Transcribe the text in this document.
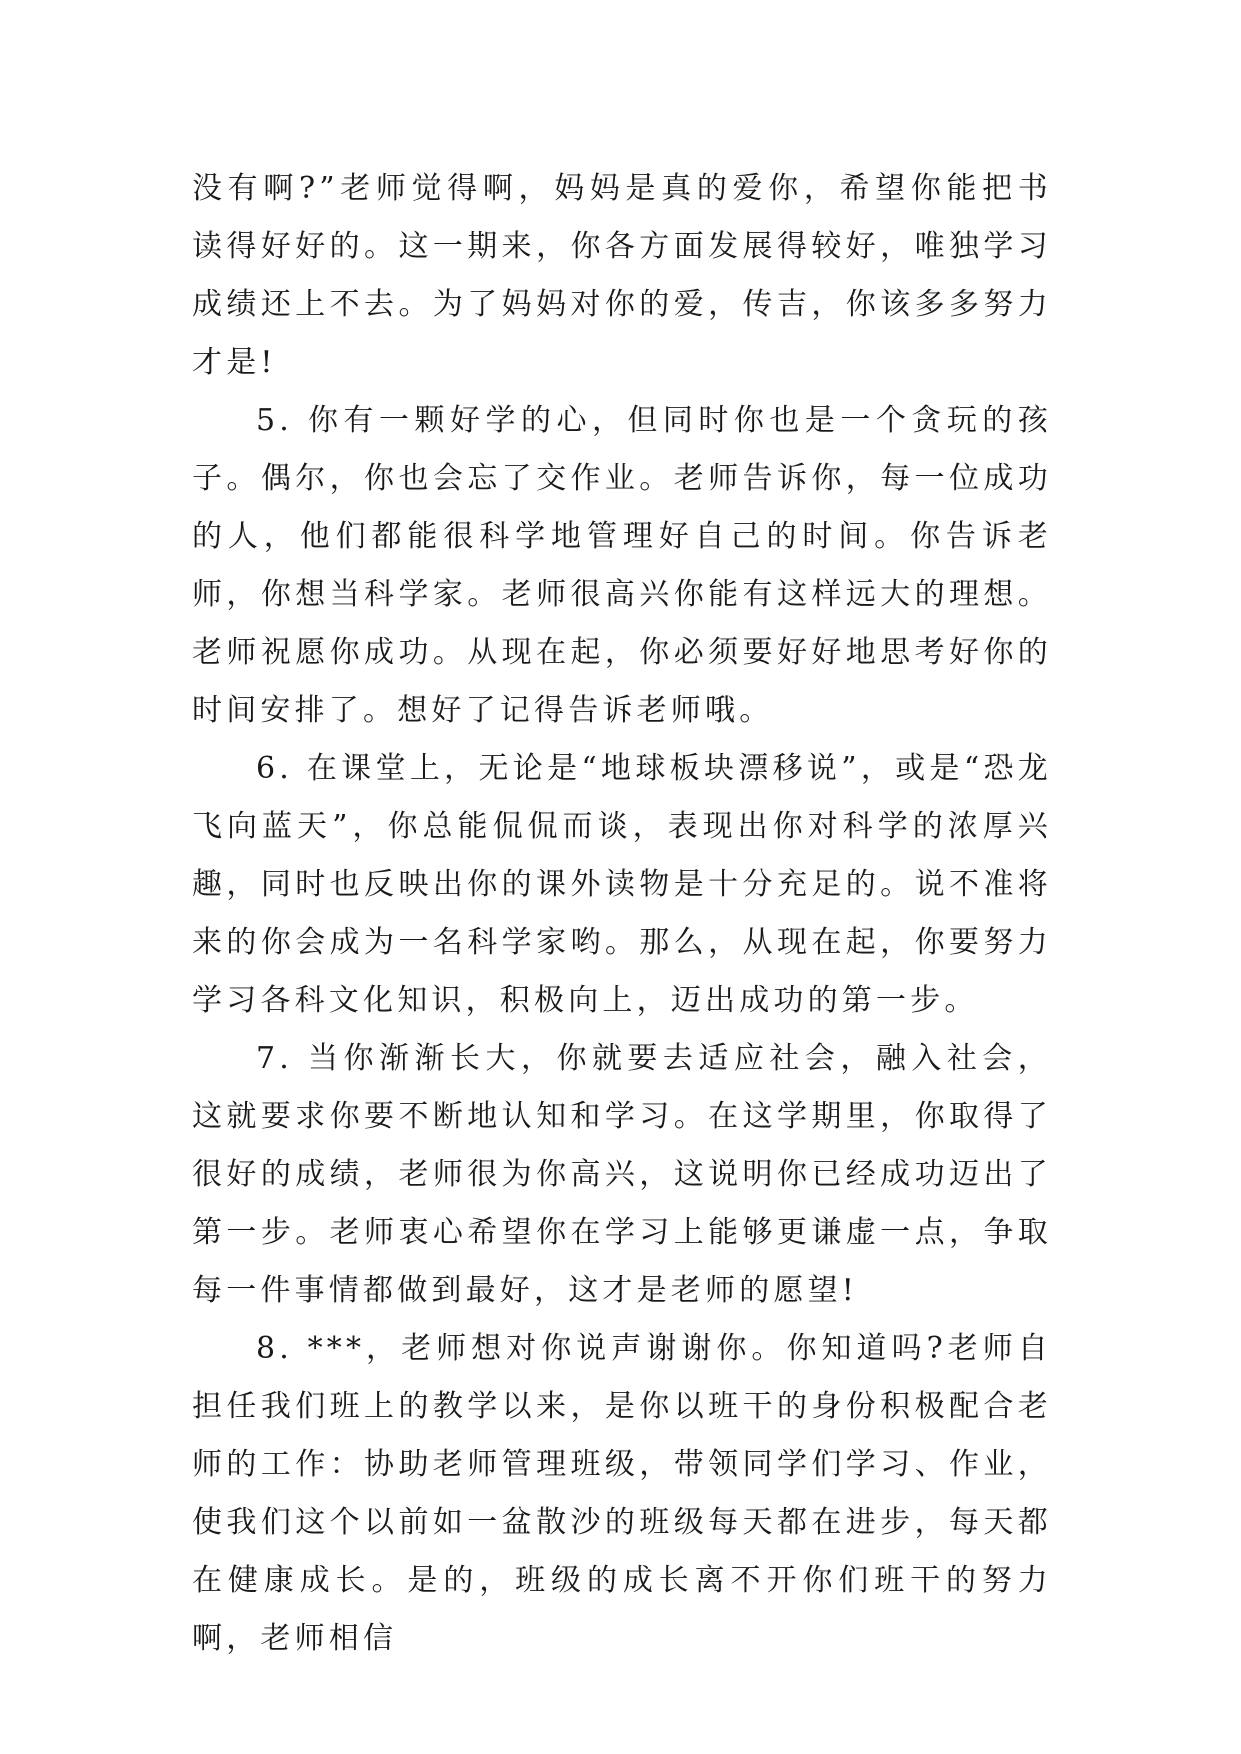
没有啊?”老师觉得啊，妈妈是真的爱你，希望你能把书读得好好的。这一期来，你各方面发展得较好，唯独学习成绩还上不去。为了妈妈对你的爱，传吉，你该多多努力才是!

5. 你有一颗好学的心，但同时你也是一个贪玩的孩子。偶尔，你也会忘了交作业。老师告诉你，每一位成功的人，他们都能很科学地管理好自己的时间。你告诉老师，你想当科学家。老师很高兴你能有这样远大的理想。老师祝愿你成功。从现在起，你必须要好好地思考好你的时间安排了。想好了记得告诉老师哦。

6. 在课堂上，无论是“地球板块漂移说”，或是“恐龙飞向蓝天”，你总能侃侃而谈，表现出你对科学的浓厚兴趣，同时也反映出你的课外读物是十分充足的。说不准将来的你会成为一名科学家哟。那么，从现在起，你要努力学习各科文化知识，积极向上，迈出成功的第一步。

7. 当你渐渐长大，你就要去适应社会，融入社会，这就要求你要不断地认知和学习。在这学期里，你取得了很好的成绩，老师很为你高兴，这说明你已经成功迈出了第一步。老师衷心希望你在学习上能够更谦虚一点，争取每一件事情都做到最好，这才是老师的愿望!

8. ***，老师想对你说声谢谢你。你知道吗?老师自担任我们班上的教学以来，是你以班干的身份积极配合老师的工作：协助老师管理班级，带领同学们学习、作业，使我们这个以前如一盆散沙的班级每天都在进步，每天都在健康成长。是的，班级的成长离不开你们班干的努力啊，老师相信
